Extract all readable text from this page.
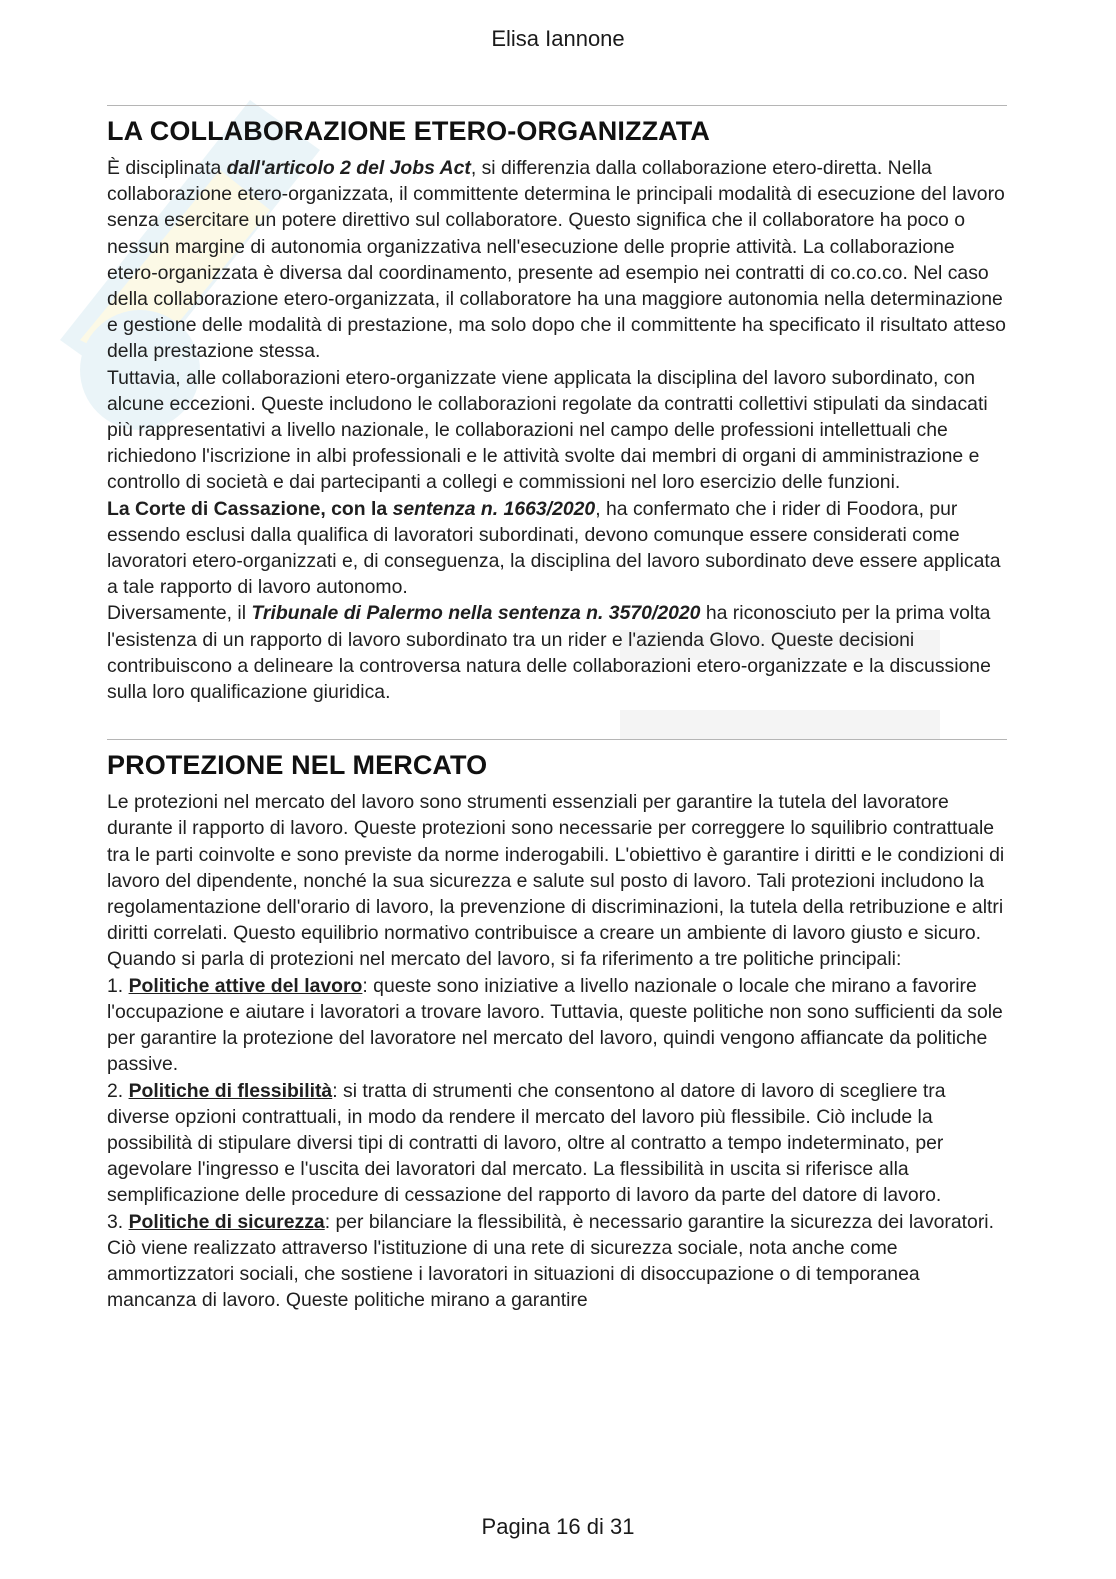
Elisa Iannone
LA COLLABORAZIONE ETERO-ORGANIZZATA

È disciplinata dall'articolo 2 del Jobs Act, si differenzia dalla collaborazione etero-diretta. Nella collaborazione etero-organizzata, il committente determina le principali modalità di esecuzione del lavoro senza esercitare un potere direttivo sul collaboratore. Questo significa che il collaboratore ha poco o nessun margine di autonomia organizzativa nell'esecuzione delle proprie attività. La collaborazione etero-organizzata è diversa dal coordinamento, presente ad esempio nei contratti di co.co.co. Nel caso della collaborazione etero-organizzata, il collaboratore ha una maggiore autonomia nella determinazione e gestione delle modalità di prestazione, ma solo dopo che il committente ha specificato il risultato atteso della prestazione stessa.

Tuttavia, alle collaborazioni etero-organizzate viene applicata la disciplina del lavoro subordinato, con alcune eccezioni. Queste includono le collaborazioni regolate da contratti collettivi stipulati da sindacati più rappresentativi a livello nazionale, le collaborazioni nel campo delle professioni intellettuali che richiedono l'iscrizione in albi professionali e le attività svolte dai membri di organi di amministrazione e controllo di società e dai partecipanti a collegi e commissioni nel loro esercizio delle funzioni.

La Corte di Cassazione, con la sentenza n. 1663/2020, ha confermato che i rider di Foodora, pur essendo esclusi dalla qualifica di lavoratori subordinati, devono comunque essere considerati come lavoratori etero-organizzati e, di conseguenza, la disciplina del lavoro subordinato deve essere applicata a tale rapporto di lavoro autonomo.

Diversamente, il Tribunale di Palermo nella sentenza n. 3570/2020 ha riconosciuto per la prima volta l'esistenza di un rapporto di lavoro subordinato tra un rider e l'azienda Glovo. Queste decisioni contribuiscono a delineare la controversa natura delle collaborazioni etero-organizzate e la discussione sulla loro qualificazione giuridica.

PROTEZIONE NEL MERCATO

Le protezioni nel mercato del lavoro sono strumenti essenziali per garantire la tutela del lavoratore durante il rapporto di lavoro. Queste protezioni sono necessarie per correggere lo squilibrio contrattuale tra le parti coinvolte e sono previste da norme inderogabili. L'obiettivo è garantire i diritti e le condizioni di lavoro del dipendente, nonché la sua sicurezza e salute sul posto di lavoro. Tali protezioni includono la regolamentazione dell'orario di lavoro, la prevenzione di discriminazioni, la tutela della retribuzione e altri diritti correlati. Questo equilibrio normativo contribuisce a creare un ambiente di lavoro giusto e sicuro.

Quando si parla di protezioni nel mercato del lavoro, si fa riferimento a tre politiche principali:

1. Politiche attive del lavoro: queste sono iniziative a livello nazionale o locale che mirano a favorire l'occupazione e aiutare i lavoratori a trovare lavoro. Tuttavia, queste politiche non sono sufficienti da sole per garantire la protezione del lavoratore nel mercato del lavoro, quindi vengono affiancate da politiche passive.

2. Politiche di flessibilità: si tratta di strumenti che consentono al datore di lavoro di scegliere tra diverse opzioni contrattuali, in modo da rendere il mercato del lavoro più flessibile. Ciò include la possibilità di stipulare diversi tipi di contratti di lavoro, oltre al contratto a tempo indeterminato, per agevolare l'ingresso e l'uscita dei lavoratori dal mercato. La flessibilità in uscita si riferisce alla semplificazione delle procedure di cessazione del rapporto di lavoro da parte del datore di lavoro.

3. Politiche di sicurezza: per bilanciare la flessibilità, è necessario garantire la sicurezza dei lavoratori. Ciò viene realizzato attraverso l'istituzione di una rete di sicurezza sociale, nota anche come ammortizzatori sociali, che sostiene i lavoratori in situazioni di disoccupazione o di temporanea mancanza di lavoro. Queste politiche mirano a garantire

Pagina 16 di 31
